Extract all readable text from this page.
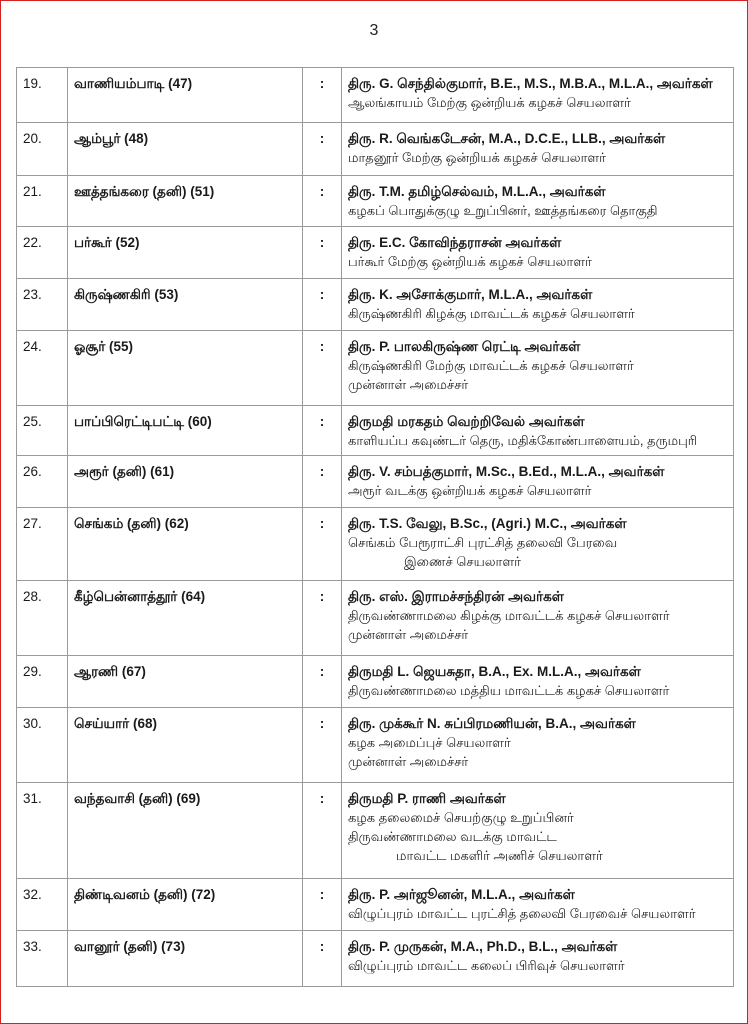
3
19.	வாணியம்பாடி (47)	:	திரு. G. செந்தில்குமார், B.E., M.S., M.B.A., M.L.A., அவர்கள்
ஆலங்காயம் மேற்கு ஒன்றியக் கழகச் செயலாளர்

20.	ஆம்பூர் (48)	:	திரு. R. வெங்கடேசன், M.A., D.C.E., LLB., அவர்கள்
மாதனூர் மேற்கு ஒன்றியக் கழகச் செயலாளர்

21.	ஊத்தங்கரை (தனி) (51)	:	திரு. T.M. தமிழ்செல்வம், M.L.A., அவர்கள்
கழகப் பொதுக்குழு உறுப்பினர், ஊத்தங்கரை தொகுதி

22.	பர்கூர் (52)	:	திரு. E.C. கோவிந்தராசன் அவர்கள்
பர்கூர் மேற்கு ஒன்றியக் கழகச் செயலாளர்

23.	கிருஷ்ணகிரி (53)	:	திரு. K. அசோக்குமார், M.L.A., அவர்கள்
கிருஷ்ணகிரி கிழக்கு மாவட்டக் கழகச் செயலாளர்

24.	ஓசூர் (55)	:	திரு. P. பாலகிருஷ்ண ரெட்டி அவர்கள்
கிருஷ்ணகிரி மேற்கு மாவட்டக் கழகச் செயலாளர்
முன்னாள் அமைச்சர்

25.	பாப்பிரெட்டிபட்டி (60)	:	திருமதி மரகதம் வெற்றிவேல் அவர்கள்
காளியப்ப கவுண்டர் தெரு, மதிக்கோண்பாளையம், தருமபுரி

26.	அரூர் (தனி) (61)	:	திரு. V. சம்பத்குமார், M.Sc., B.Ed., M.L.A., அவர்கள்
அரூர் வடக்கு ஒன்றியக் கழகச் செயலாளர்

27.	செங்கம் (தனி) (62)	:	திரு. T.S. வேலு, B.Sc., (Agri.) M.C., அவர்கள்
செங்கம் பேரூராட்சி புரட்சித் தலைவி பேரவை
இணைச் செயலாளர்

28.	கீழ்பென்னாத்தூர் (64)	:	திரு. எஸ். இராமச்சந்திரன் அவர்கள்
திருவண்ணாமலை கிழக்கு மாவட்டக் கழகச் செயலாளர்
முன்னாள் அமைச்சர்

29.	ஆரணி (67)	:	திருமதி L. ஜெயசுதா, B.A., Ex. M.L.A., அவர்கள்
திருவண்ணாமலை மத்திய மாவட்டக் கழகச் செயலாளர்

30.	செய்யார் (68)	:	திரு. முக்கூர் N. சுப்பிரமணியன், B.A., அவர்கள்
கழக அமைப்புச் செயலாளர்
முன்னாள் அமைச்சர்

31.	வந்தவாசி (தனி) (69)	:	திருமதி P. ராணி அவர்கள்
கழக தலைமைச் செயற்குழு உறுப்பினர்
திருவண்ணாமலை வடக்கு மாவட்ட
மாவட்ட மகளிர் அணிச் செயலாளர்

32.	திண்டிவனம் (தனி) (72)	:	திரு. P. அர்ஜூனன், M.L.A., அவர்கள்
விழுப்புரம் மாவட்ட புரட்சித் தலைவி பேரவைச் செயலாளர்

33.	வானூர் (தனி) (73)	:	திரு. P. முருகன், M.A., Ph.D., B.L., அவர்கள்
விழுப்புரம் மாவட்ட கலைப் பிரிவுச் செயலாளர்
